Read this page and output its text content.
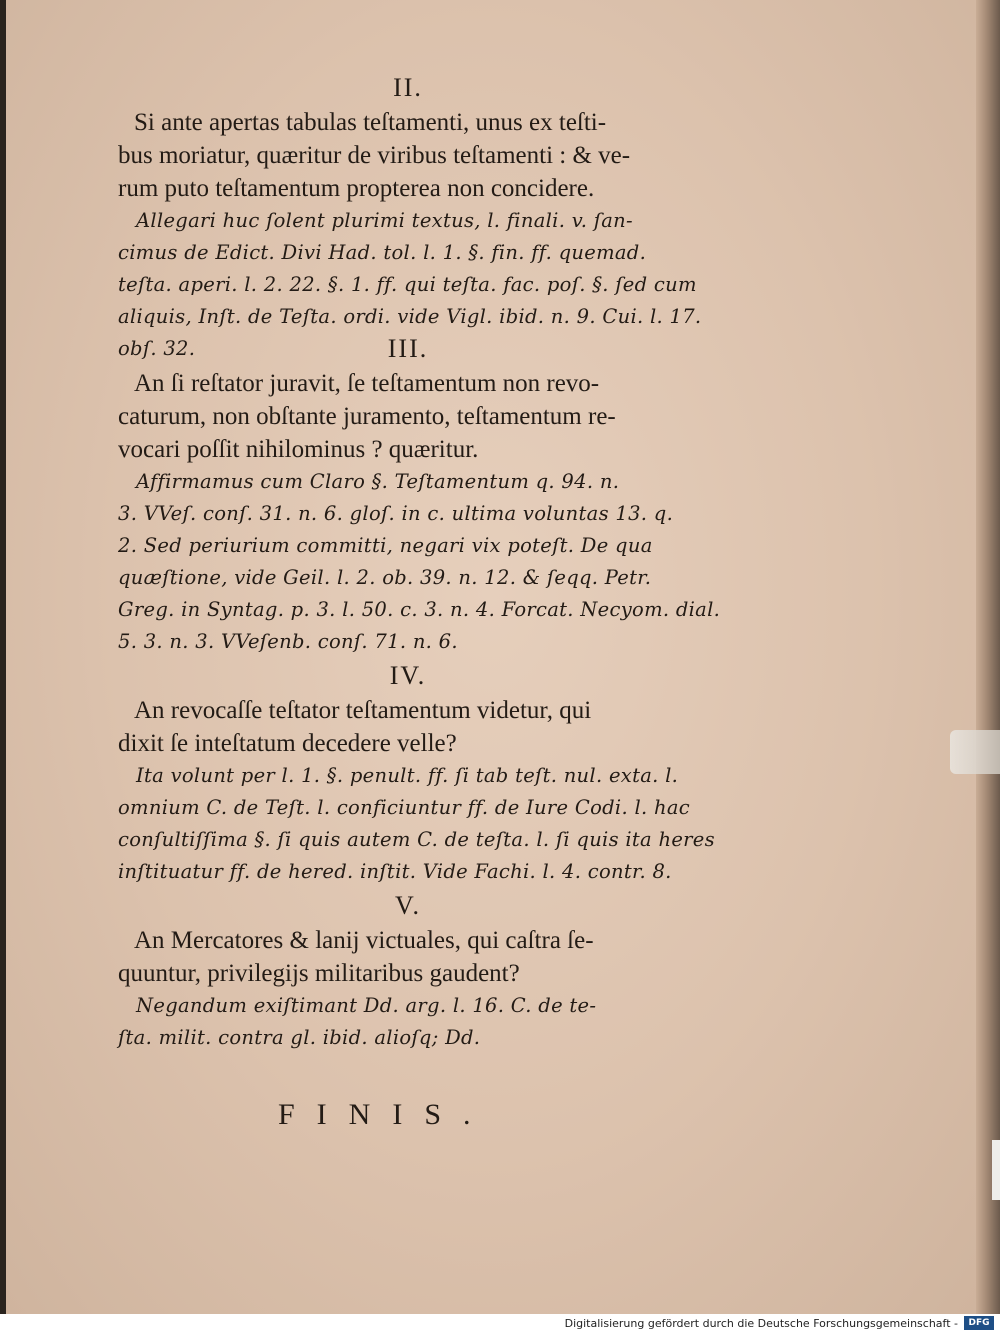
II.

Si ante apertas tabulas teſtamenti, unus ex teſti-
bus moriatur, quæritur de viribus teſtamenti : & ve-
rum puto teſtamentum propterea non concidere.

Allegari huc ſolent plurimi textus, l. finali. v. ſan-
cimus de Edict. Divi Had. tol. l. 1. §. fin. ff. quemad.
teſta. aperi. l. 2. 22. §. 1. ff. qui teſta. fac. poſ. §. ſed cum
aliquis, Inſt. de Teſta. ordi. vide Vigl. ibid. n. 9. Cui. l. 17.
obſ. 32.	III.

An ſi reſtator juravit, ſe teſtamentum non revo-
caturum, non obſtante juramento, teſtamentum re-
vocari poſſit nihilominus ? quæritur.

Affirmamus cum Claro §. Teſtamentum q. 94. n.
3. VVeſ. conſ. 31. n. 6. gloſ. in c. ultima voluntas 13. q.
2. Sed periurium committi, negari vix poteſt. De qua
quæſtione, vide Geil. l. 2. ob. 39. n. 12. & ſeqq. Petr.
Greg. in Syntag. p. 3. l. 50. c. 3. n. 4. Forcat. Necyom. dial.
5. 3. n. 3. VVeſenb. conſ. 71. n. 6.

IV.

An revocaſſe teſtator teſtamentum videtur, qui
dixit ſe inteſtatum decedere velle?

Ita volunt per l. 1. §. penult. ff. ſi tab teſt. nul. exta. l.
omnium C. de Teſt. l. conficiuntur ff. de Iure Codi. l. hac
conſultiſſima §. ſi quis autem C. de teſta. l. ſi quis ita heres
inſtituatur ff. de hered. inſtit. Vide Fachi. l. 4. contr. 8.

V.

An Mercatores & lanij victuales, qui caſtra ſe-
quuntur, privilegijs militaribus gaudent?

Negandum exiſtimant Dd. arg. l. 16. C. de te-
ſta. milit. contra gl. ibid. alioſq; Dd.

FINIS.
Digitalisierung gefördert durch die Deutsche Forschungsgemeinschaft -	DFG
